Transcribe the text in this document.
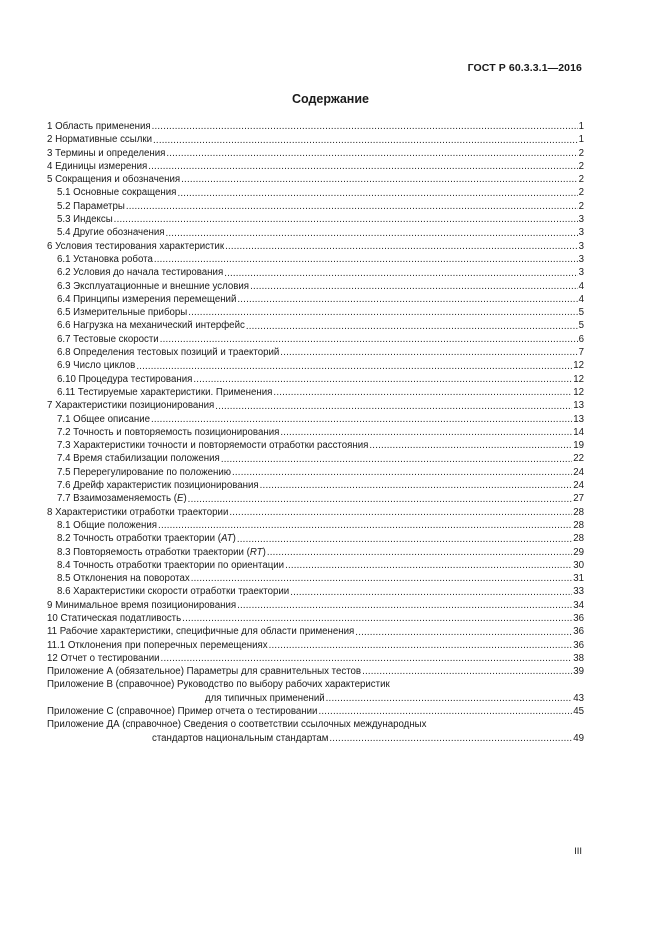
ГОСТ Р 60.3.3.1—2016
Содержание
1 Область применения .....	1
2 Нормативные ссылки .....	1
3 Термины и определения .....	2
4 Единицы измерения .....	2
5 Сокращения и обозначения .....	2
5.1 Основные сокращения .....	2
5.2 Параметры .....	2
5.3 Индексы .....	3
5.4 Другие обозначения .....	3
6 Условия тестирования характеристик .....	3
6.1 Установка робота .....	3
6.2 Условия до начала тестирования .....	3
6.3 Эксплуатационные и внешние условия .....	4
6.4 Принципы измерения перемещений .....	4
6.5 Измерительные приборы .....	5
6.6 Нагрузка на механический интерфейс .....	5
6.7 Тестовые скорости .....	6
6.8 Определения тестовых позиций и траекторий .....	7
6.9 Число циклов .....	12
6.10 Процедура тестирования .....	12
6.11 Тестируемые характеристики. Применения .....	12
7 Характеристики позиционирования .....	13
7.1 Общее описание .....	13
7.2 Точность и повторяемость позиционирования .....	14
7.3 Характеристики точности и повторяемости отработки расстояния .....	19
7.4 Время стабилизации положения .....	22
7.5 Перерегулирование по положению .....	24
7.6 Дрейф характеристик позиционирования .....	24
7.7 Взаимозаменяемость (E) .....	27
8 Характеристики отработки траектории .....	28
8.1 Общие положения .....	28
8.2 Точность отработки траектории (AT) .....	28
8.3 Повторяемость отработки траектории (RT) .....	29
8.4 Точность отработки траектории по ориентации .....	30
8.5 Отклонения на поворотах .....	31
8.6 Характеристики скорости отработки траектории .....	33
9 Минимальное время позиционирования .....	34
10 Статическая податливость .....	36
11 Рабочие характеристики, специфичные для области применения .....	36
11.1 Отклонения при поперечных перемещениях .....	36
12 Отчет о тестировании .....	38
Приложение А (обязательное) Параметры для сравнительных тестов .....	39
Приложение В (справочное) Руководство по выбору рабочих характеристик
для типичных применений .....	43
Приложение С (справочное) Пример отчета о тестировании .....	45
Приложение ДА (справочное) Сведения о соответствии ссылочных международных
стандартов национальным стандартам .....	49
III
